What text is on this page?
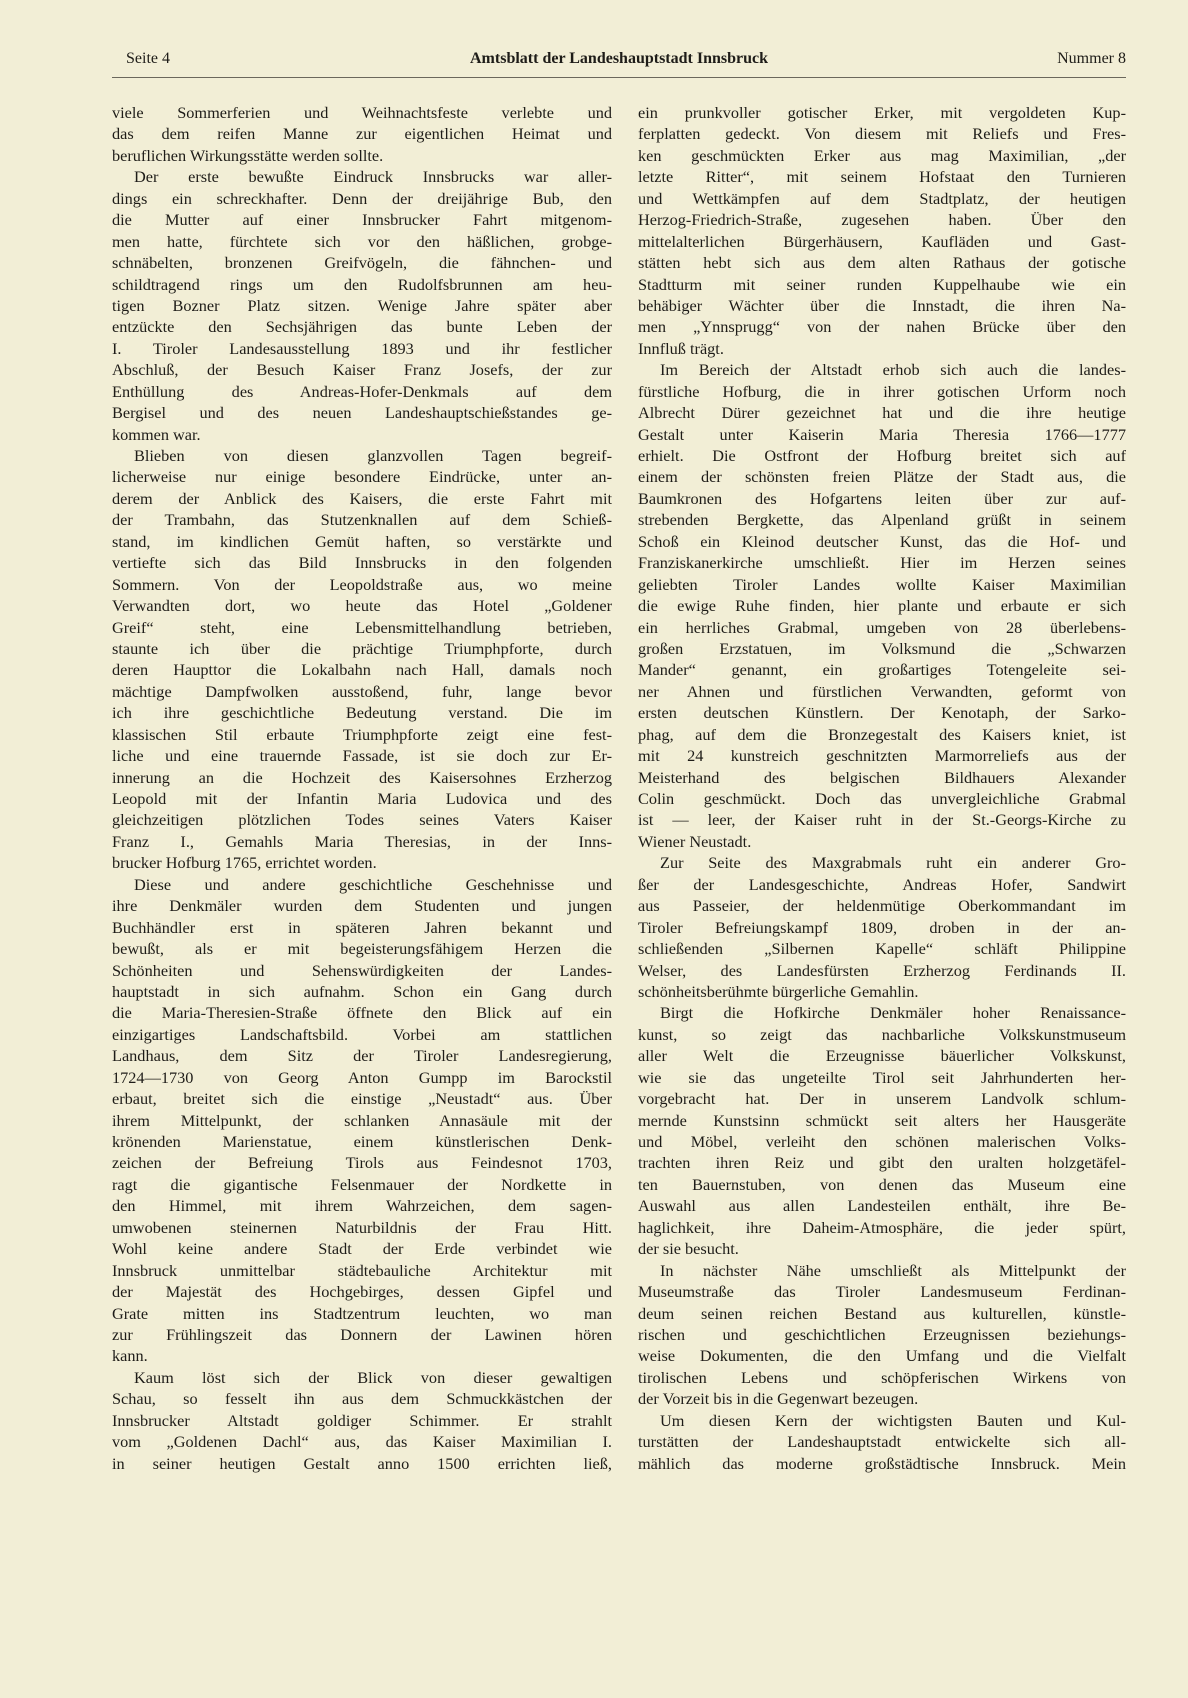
Seite 4	Amtsblatt der Landeshauptstadt Innsbruck	Nummer 8
viele Sommerferien und Weihnachtsfeste verlebte und
das dem reifen Manne zur eigentlichen Heimat und
beruflichen Wirkungsstätte werden sollte.
Der erste bewußte Eindruck Innsbrucks war aller-
dings ein schreckhafter. Denn der dreijährige Bub, den
die Mutter auf einer Innsbrucker Fahrt mitgenom-
men hatte, fürchtete sich vor den häßlichen, grobge-
schnäbelten, bronzenen Greifvögeln, die fähnchen- und
schildtragend rings um den Rudolfsbrunnen am heu-
tigen Bozner Platz sitzen. Wenige Jahre später aber
entzückte den Sechsjährigen das bunte Leben der
I. Tiroler Landesausstellung 1893 und ihr festlicher
Abschluß, der Besuch Kaiser Franz Josefs, der zur
Enthüllung des Andreas-Hofer-Denkmals auf dem
Bergisel und des neuen Landeshauptschießstandes ge-
kommen war.
Blieben von diesen glanzvollen Tagen begreif-
licherweise nur einige besondere Eindrücke, unter an-
derem der Anblick des Kaisers, die erste Fahrt mit
der Trambahn, das Stutzenknallen auf dem Schieß-
stand, im kindlichen Gemüt haften, so verstärkte und
vertiefte sich das Bild Innsbrucks in den folgenden
Sommern. Von der Leopoldstraße aus, wo meine
Verwandten dort, wo heute das Hotel „Goldener
Greif“ steht, eine Lebensmittelhandlung betrieben,
staunte ich über die prächtige Triumphpforte, durch
deren Haupttor die Lokalbahn nach Hall, damals noch
mächtige Dampfwolken ausstoßend, fuhr, lange bevor
ich ihre geschichtliche Bedeutung verstand. Die im
klassischen Stil erbaute Triumphpforte zeigt eine fest-
liche und eine trauernde Fassade, ist sie doch zur Er-
innerung an die Hochzeit des Kaisersohnes Erzherzog
Leopold mit der Infantin Maria Ludovica und des
gleichzeitigen plötzlichen Todes seines Vaters Kaiser
Franz I., Gemahls Maria Theresias, in der Inns-
brucker Hofburg 1765, errichtet worden.
Diese und andere geschichtliche Geschehnisse und
ihre Denkmäler wurden dem Studenten und jungen
Buchhändler erst in späteren Jahren bekannt und
bewußt, als er mit begeisterungsfähigem Herzen die
Schönheiten und Sehenswürdigkeiten der Landes-
hauptstadt in sich aufnahm. Schon ein Gang durch
die Maria-Theresien-Straße öffnete den Blick auf ein
einzigartiges Landschaftsbild. Vorbei am stattlichen
Landhaus, dem Sitz der Tiroler Landesregierung,
1724—1730 von Georg Anton Gumpp im Barockstil
erbaut, breitet sich die einstige „Neustadt“ aus. Über
ihrem Mittelpunkt, der schlanken Annasäule mit der
krönenden Marienstatue, einem künstlerischen Denk-
zeichen der Befreiung Tirols aus Feindesnot 1703,
ragt die gigantische Felsenmauer der Nordkette in
den Himmel, mit ihrem Wahrzeichen, dem sagen-
umwobenen steinernen Naturbildnis der Frau Hitt.
Wohl keine andere Stadt der Erde verbindet wie
Innsbruck unmittelbar städtebauliche Architektur mit
der Majestät des Hochgebirges, dessen Gipfel und
Grate mitten ins Stadtzentrum leuchten, wo man
zur Frühlingszeit das Donnern der Lawinen hören
kann.
Kaum löst sich der Blick von dieser gewaltigen
Schau, so fesselt ihn aus dem Schmuckkästchen der
Innsbrucker Altstadt goldiger Schimmer. Er strahlt
vom „Goldenen Dachl“ aus, das Kaiser Maximilian I.
in seiner heutigen Gestalt anno 1500 errichten ließ,
ein prunkvoller gotischer Erker, mit vergoldeten Kup-
ferplatten gedeckt. Von diesem mit Reliefs und Fres-
ken geschmückten Erker aus mag Maximilian, „der
letzte Ritter“, mit seinem Hofstaat den Turnieren
und Wettkämpfen auf dem Stadtplatz, der heutigen
Herzog-Friedrich-Straße, zugesehen haben. Über den
mittelalterlichen Bürgerhäusern, Kaufläden und Gast-
stätten hebt sich aus dem alten Rathaus der gotische
Stadtturm mit seiner runden Kuppelhaube wie ein
behäbiger Wächter über die Innstadt, die ihren Na-
men „Ynnsprugg“ von der nahen Brücke über den
Innfluß trägt.
Im Bereich der Altstadt erhob sich auch die landes-
fürstliche Hofburg, die in ihrer gotischen Urform noch
Albrecht Dürer gezeichnet hat und die ihre heutige
Gestalt unter Kaiserin Maria Theresia 1766—1777
erhielt. Die Ostfront der Hofburg breitet sich auf
einem der schönsten freien Plätze der Stadt aus, die
Baumkronen des Hofgartens leiten über zur auf-
strebenden Bergkette, das Alpenland grüßt in seinem
Schoß ein Kleinod deutscher Kunst, das die Hof- und
Franziskanerkirche umschließt. Hier im Herzen seines
geliebten Tiroler Landes wollte Kaiser Maximilian
die ewige Ruhe finden, hier plante und erbaute er sich
ein herrliches Grabmal, umgeben von 28 überlebens-
großen Erzstatuen, im Volksmund die „Schwarzen
Mander“ genannt, ein großartiges Totengeleite sei-
ner Ahnen und fürstlichen Verwandten, geformt von
ersten deutschen Künstlern. Der Kenotaph, der Sarko-
phag, auf dem die Bronzegestalt des Kaisers kniet, ist
mit 24 kunstreich geschnitzten Marmorreliefs aus der
Meisterhand des belgischen Bildhauers Alexander
Colin geschmückt. Doch das unvergleichliche Grabmal
ist — leer, der Kaiser ruht in der St.-Georgs-Kirche zu
Wiener Neustadt.
Zur Seite des Maxgrabmals ruht ein anderer Gro-
ßer der Landesgeschichte, Andreas Hofer, Sandwirt
aus Passeier, der heldenmütige Oberkommandant im
Tiroler Befreiungskampf 1809, droben in der an-
schließenden „Silbernen Kapelle“ schläft Philippine
Welser, des Landesfürsten Erzherzog Ferdinands II.
schönheitsberühmte bürgerliche Gemahlin.
Birgt die Hofkirche Denkmäler hoher Renaissance-
kunst, so zeigt das nachbarliche Volkskunstmuseum
aller Welt die Erzeugnisse bäuerlicher Volkskunst,
wie sie das ungeteilte Tirol seit Jahrhunderten her-
vorgebracht hat. Der in unserem Landvolk schlum-
mernde Kunstsinn schmückt seit alters her Hausgeräte
und Möbel, verleiht den schönen malerischen Volks-
trachten ihren Reiz und gibt den uralten holzgetäfel-
ten Bauernstuben, von denen das Museum eine
Auswahl aus allen Landesteilen enthält, ihre Be-
haglichkeit, ihre Daheim-Atmosphäre, die jeder spürt,
der sie besucht.
In nächster Nähe umschließt als Mittelpunkt der
Museumstraße das Tiroler Landesmuseum Ferdinan-
deum seinen reichen Bestand aus kulturellen, künstle-
rischen und geschichtlichen Erzeugnissen beziehungs-
weise Dokumenten, die den Umfang und die Vielfalt
tirolischen Lebens und schöpferischen Wirkens von
der Vorzeit bis in die Gegenwart bezeugen.
Um diesen Kern der wichtigsten Bauten und Kul-
turstätten der Landeshauptstadt entwickelte sich all-
mählich das moderne großstädtische Innsbruck. Mein
